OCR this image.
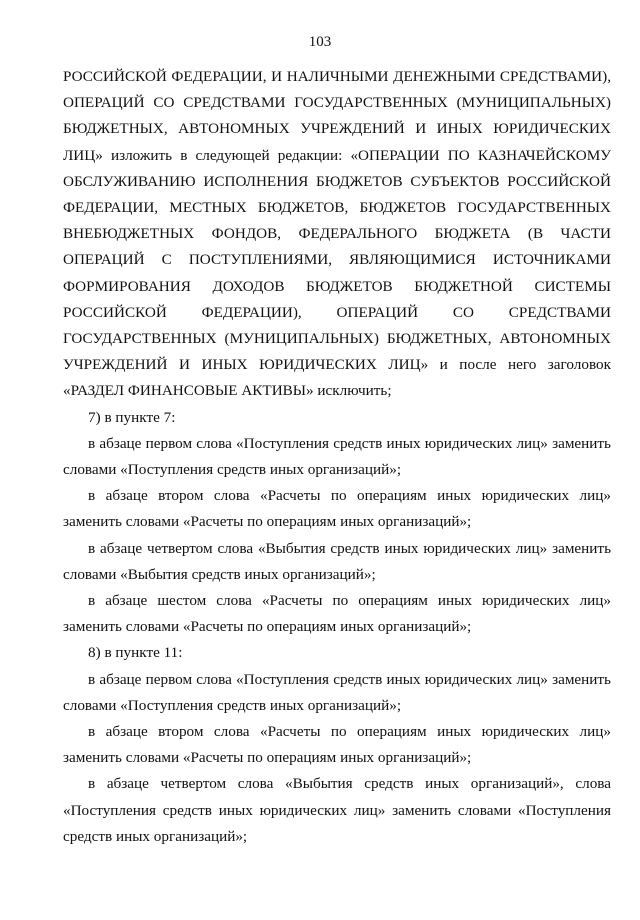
103

РОССИЙСКОЙ ФЕДЕРАЦИИ, И НАЛИЧНЫМИ ДЕНЕЖНЫМИ СРЕДСТВАМИ), ОПЕРАЦИЙ СО СРЕДСТВАМИ ГОСУДАРСТВЕННЫХ (МУНИЦИПАЛЬНЫХ) БЮДЖЕТНЫХ, АВТОНОМНЫХ УЧРЕЖДЕНИЙ И ИНЫХ ЮРИДИЧЕСКИХ ЛИЦ» изложить в следующей редакции: «ОПЕРАЦИИ ПО КАЗНАЧЕЙСКОМУ ОБСЛУЖИВАНИЮ ИСПОЛНЕНИЯ БЮДЖЕТОВ СУБЪЕКТОВ РОССИЙСКОЙ ФЕДЕРАЦИИ, МЕСТНЫХ БЮДЖЕТОВ, БЮДЖЕТОВ ГОСУДАРСТВЕННЫХ ВНЕБЮДЖЕТНЫХ ФОНДОВ, ФЕДЕРАЛЬНОГО БЮДЖЕТА (В ЧАСТИ ОПЕРАЦИЙ С ПОСТУПЛЕНИЯМИ, ЯВЛЯЮЩИМИСЯ ИСТОЧНИКАМИ ФОРМИРОВАНИЯ ДОХОДОВ БЮДЖЕТОВ БЮДЖЕТНОЙ СИСТЕМЫ РОССИЙСКОЙ ФЕДЕРАЦИИ), ОПЕРАЦИЙ СО СРЕДСТВАМИ ГОСУДАРСТВЕННЫХ (МУНИЦИПАЛЬНЫХ) БЮДЖЕТНЫХ, АВТОНОМНЫХ УЧРЕЖДЕНИЙ И ИНЫХ ЮРИДИЧЕСКИХ ЛИЦ» и после него заголовок «РАЗДЕЛ ФИНАНСОВЫЕ АКТИВЫ» исключить;

7) в пункте 7:

в абзаце первом слова «Поступления средств иных юридических лиц» заменить словами «Поступления средств иных организаций»;

в абзаце втором слова «Расчеты по операциям иных юридических лиц» заменить словами «Расчеты по операциям иных организаций»;

в абзаце четвертом слова «Выбытия средств иных юридических лиц» заменить словами «Выбытия средств иных организаций»;

в абзаце шестом слова «Расчеты по операциям иных юридических лиц» заменить словами «Расчеты по операциям иных организаций»;

8) в пункте 11:

в абзаце первом слова «Поступления средств иных юридических лиц» заменить словами «Поступления средств иных организаций»;

в абзаце втором слова «Расчеты по операциям иных юридических лиц» заменить словами «Расчеты по операциям иных организаций»;

в абзаце четвертом слова «Выбытия средств иных организаций», слова «Поступления средств иных юридических лиц» заменить словами «Поступления средств иных организаций»;
